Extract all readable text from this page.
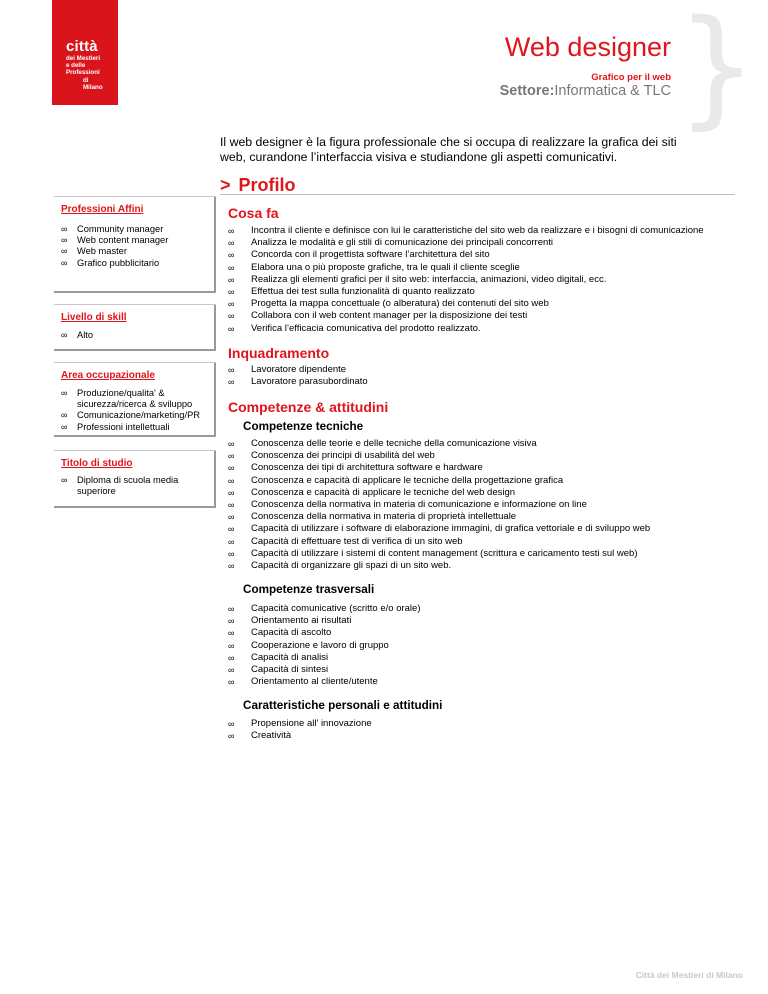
città
dei Mestieri
e delle Professioni
di
Milano	}
Web designer
Grafico per il web
Settore:Informatica & TLC
Il web designer è la figura professionale che si occupa di realizzare la grafica dei siti web, curandone l’interfaccia visiva e studiandone gli aspetti comunicativi.
> Profilo
Professioni Affini
∞ Community manager
∞ Web content manager
∞ Web master
∞ Grafico pubblicitario
Livello di skill
∞ Alto
Area occupazionale
∞ Produzione/qualita' & sicurezza/ricerca & sviluppo
∞ Comunicazione/marketing/PR
∞ Professioni intellettuali
Titolo di studio
∞ Diploma di scuola media superiore
Cosa fa
∞ Incontra il cliente e definisce con lui le caratteristiche del sito web da realizzare e i bisogni di comunicazione
∞ Analizza le modalità e gli stili di comunicazione dei principali concorrenti
∞ Concorda con il progettista software l’architettura del sito
∞ Elabora una o più proposte grafiche, tra le quali il cliente sceglie
∞ Realizza gli elementi grafici per il sito web: interfaccia, animazioni, video digitali, ecc.
∞ Effettua dei test sulla funzionalità di quanto realizzato
∞ Progetta la mappa concettuale (o alberatura) dei contenuti del sito web
∞ Collabora con il web content manager per la disposizione dei testi
∞ Verifica l’efficacia comunicativa del prodotto realizzato.
Inquadramento
∞ Lavoratore dipendente
∞ Lavoratore parasubordinato
Competenze & attitudini
Competenze tecniche
∞ Conoscenza delle teorie e delle tecniche della comunicazione visiva
∞ Conoscenza dei principi di usabilità del web
∞ Conoscenza dei tipi di architettura software e hardware
∞ Conoscenza e capacità di applicare le tecniche della progettazione grafica
∞ Conoscenza e capacità di applicare le tecniche del web design
∞ Conoscenza della normativa in materia di comunicazione e informazione on line
∞ Conoscenza della normativa in materia di proprietà intellettuale
∞ Capacità di utilizzare i software di elaborazione immagini, di grafica vettoriale e di sviluppo web
∞ Capacità di effettuare test di verifica di un sito web
∞ Capacità di utilizzare i sistemi di content management (scrittura e caricamento testi sul web)
∞ Capacità di organizzare gli spazi di un sito web.
Competenze trasversali
∞ Capacità comunicative (scritto e/o orale)
∞ Orientamento ai risultati
∞ Capacità di ascolto
∞ Cooperazione e lavoro di gruppo
∞ Capacità di analisi
∞ Capacità di sintesi
∞ Orientamento al cliente/utente
Caratteristiche personali e attitudini
∞ Propensione all' innovazione
∞ Creatività
Città dei Mestieri di Milano
